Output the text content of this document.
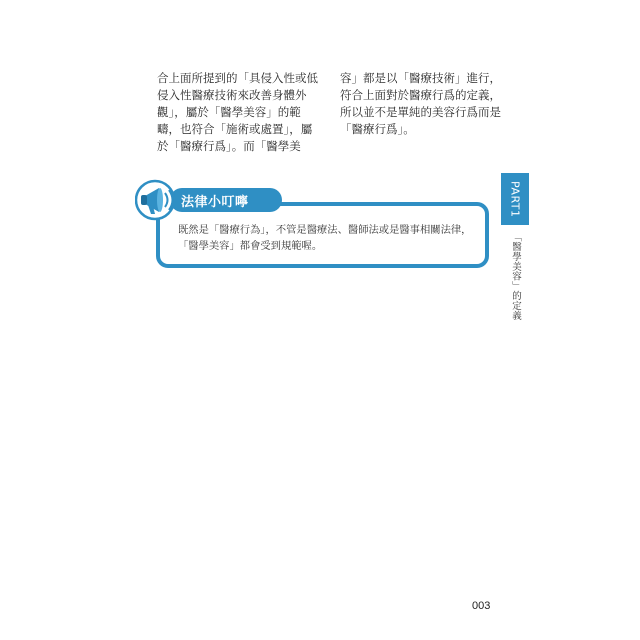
合上面所提到的「具侵入性或低
侵入性醫療技術來改善身體外
觀」，屬於「醫學美容」的範
疇，也符合「施術或處置」，屬
於「醫療行爲」。而「醫學美
容」都是以「醫療技術」進行，
符合上面對於醫療行爲的定義，
所以並不是單純的美容行爲而是
「醫療行爲」。
法律小叮嚀
既然是「醫療行為」，不管是醫療法、醫師法或是醫事相關法律，
「醫學美容」都會受到規範喔。
PART1
「醫學美容」的定義
003
